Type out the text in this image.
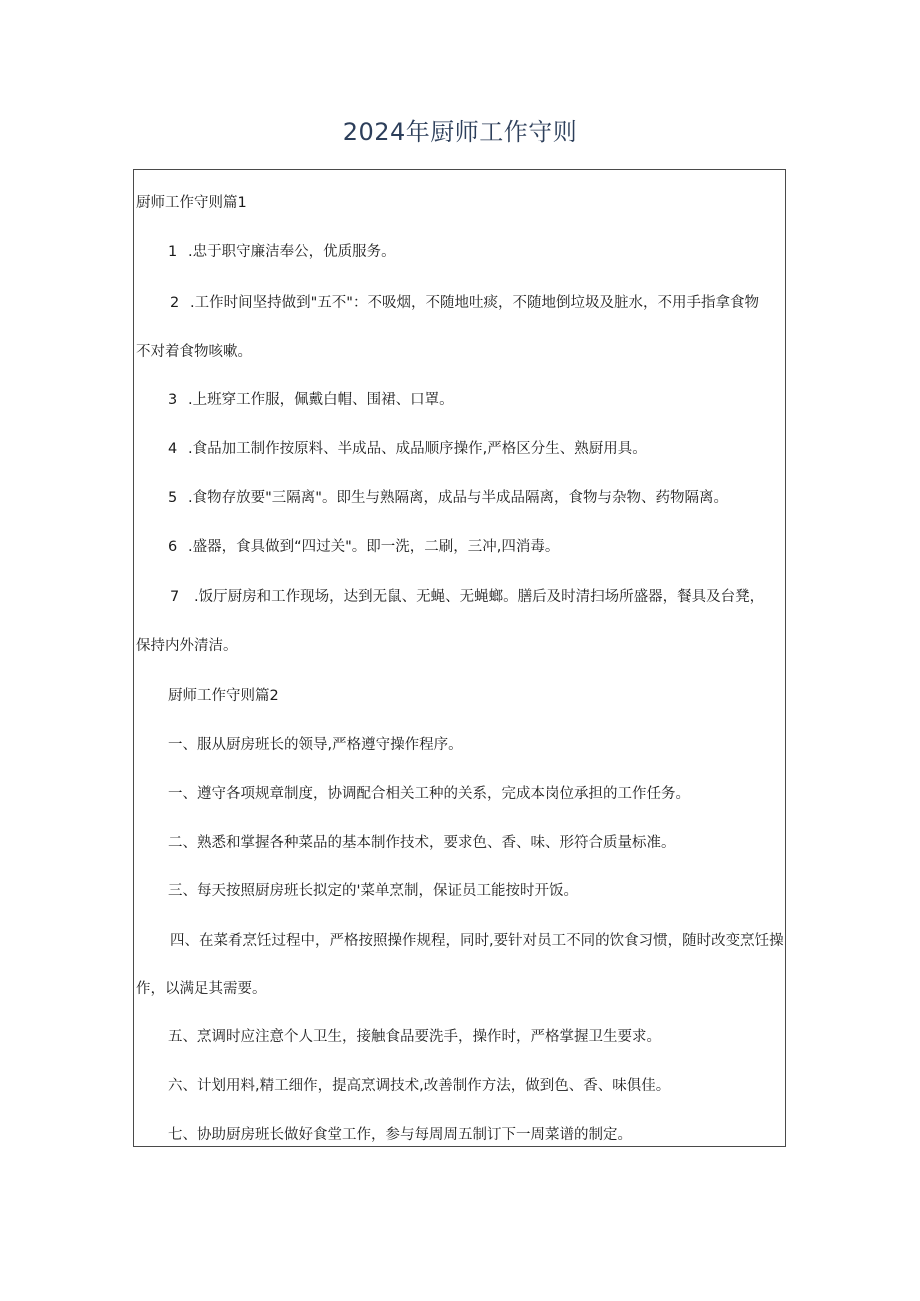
2024年厨师工作守则
厨师工作守则篇1
1 .忠于职守廉洁奉公，优质服务。
2 .工作时间坚持做到"五不"：不吸烟，不随地吐痰，不随地倒垃圾及脏水，不用手指拿食物
不对着食物咳嗽。
3 .上班穿工作服，佩戴白帽、围裙、口罩。
4 .食品加工制作按原料、半成品、成品顺序操作,严格区分生、熟厨用具。
5 .食物存放要"三隔离"。即生与熟隔离，成品与半成品隔离，食物与杂物、药物隔离。
6 .盛器，食具做到“四过关"。即一洗，二刷，三冲,四消毒。
7 .饭厅厨房和工作现场，达到无鼠、无蝇、无蝇螂。膳后及时清扫场所盛器，餐具及台凳，
保持内外清洁。
厨师工作守则篇2
一、服从厨房班长的领导,严格遵守操作程序。
一、遵守各项规章制度，协调配合相关工种的关系，完成本岗位承担的工作任务。
二、熟悉和掌握各种菜品的基本制作技术，要求色、香、味、形符合质量标准。
三、每天按照厨房班长拟定的'菜单烹制，保证员工能按时开饭。
四、在菜肴烹饪过程中，严格按照操作规程，同时,要针对员工不同的饮食习惯，随时改变烹饪操
作，以满足其需要。
五、烹调时应注意个人卫生，接触食品要洗手，操作时，严格掌握卫生要求。
六、计划用料,精工细作，提高烹调技术,改善制作方法，做到色、香、味俱佳。
七、协助厨房班长做好食堂工作，参与每周周五制订下一周菜谱的制定。
